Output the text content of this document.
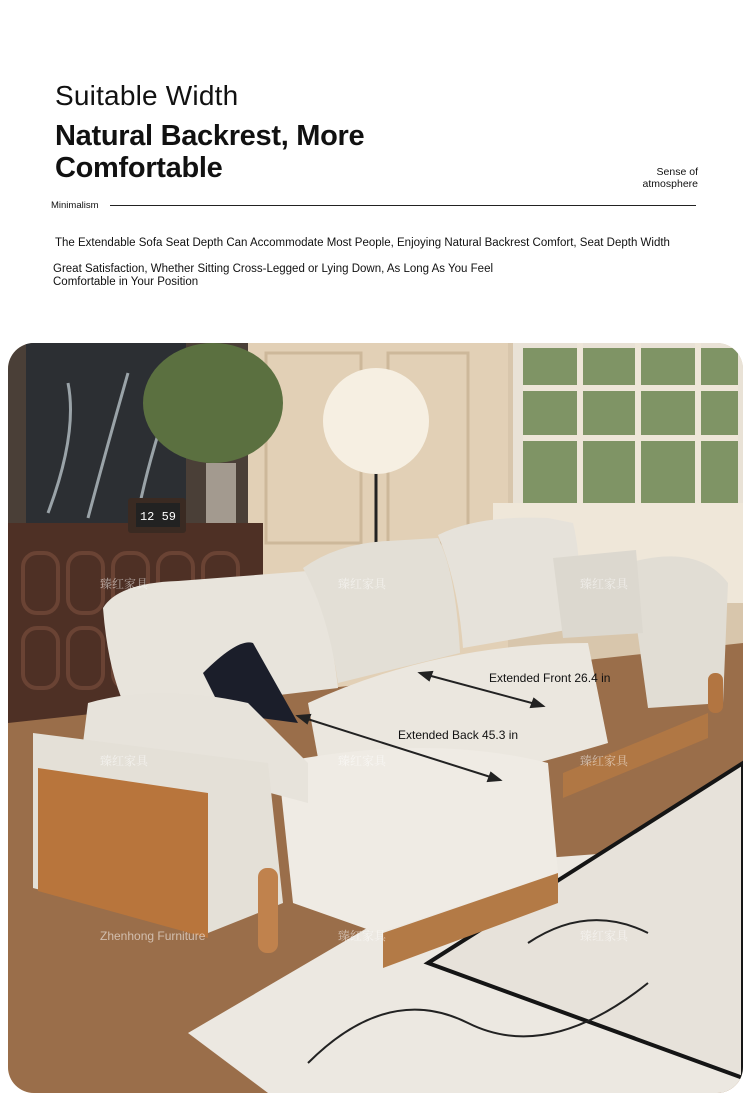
Suitable Width
Natural Backrest, More Comfortable	Sense of
atmosphere
Minimalism
The Extendable Sofa Seat Depth Can Accommodate Most People, Enjoying Natural Backrest Comfort, Seat Depth Width
Great Satisfaction, Whether Sitting Cross-Legged or Lying Down, As Long As You Feel
Comfortable in Your Position
12 59
Extended Front 26.4 in
Extended Back 45.3 in
臻红家具	臻红家具	臻红家具
臻红家具	臻红家具	臻红家具
Zhenhong Furniture	臻红家具	臻红家具
